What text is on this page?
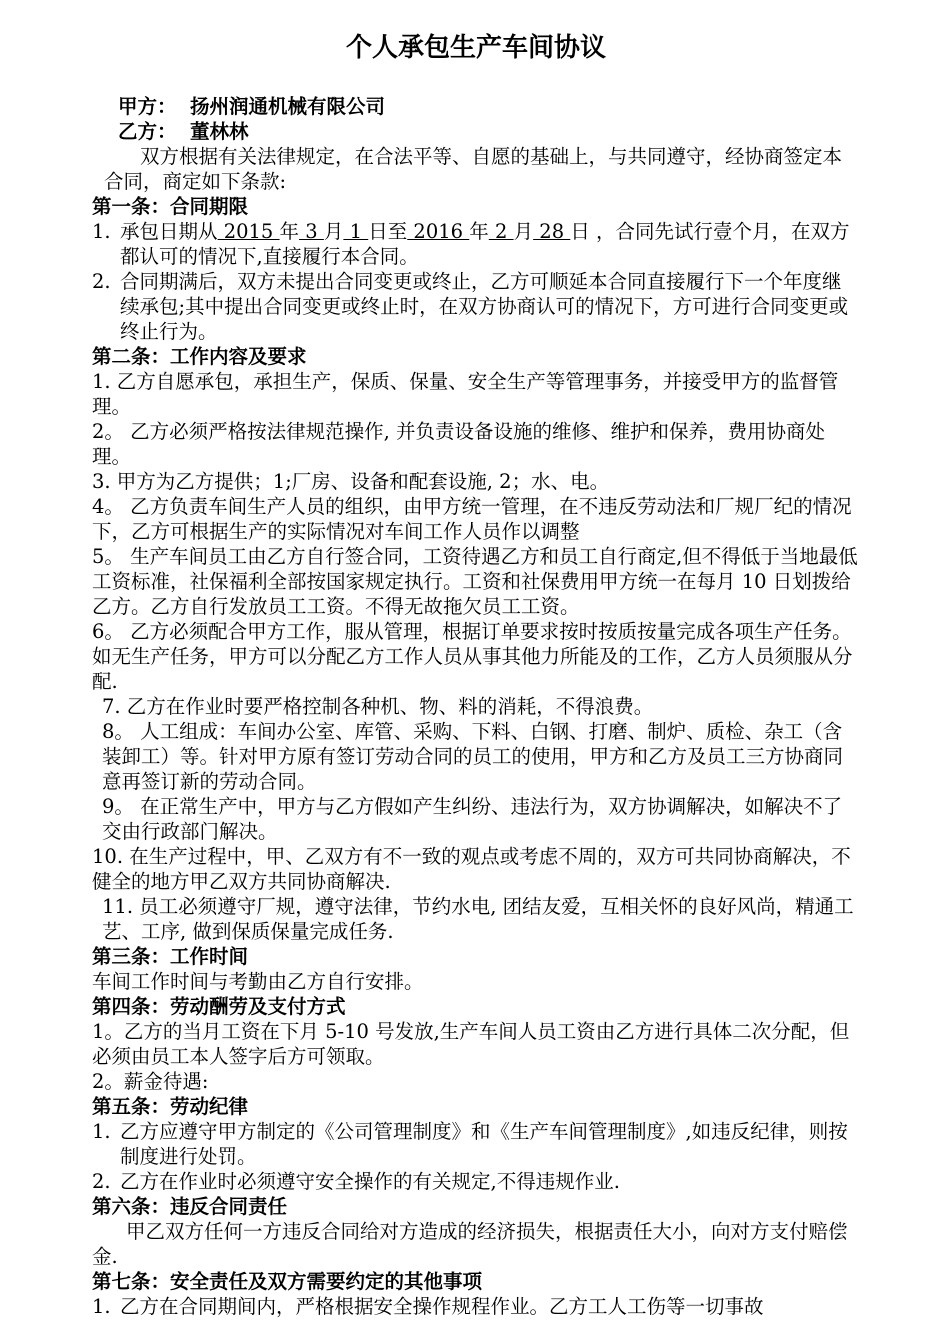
个人承包生产车间协议
甲方： 扬州润通机械有限公司
乙方： 董林林

双方根据有关法律规定，在合法平等、自愿的基础上，与共同遵守，经协商签定本合同，商定如下条款:

第一条：合同期限
1. 承包日期从 2015 年 3 月 1 日至 2016 年 2 月 28 日 ，合同先试行壹个月，在双方都认可的情况下,直接履行本合同。
2. 合同期满后，双方未提出合同变更或终止，乙方可顺延本合同直接履行下一个年度继续承包;其中提出合同变更或终止时，在双方协商认可的情况下，方可进行合同变更或终止行为。
第二条：工作内容及要求

1. 乙方自愿承包，承担生产，保质、保量、安全生产等管理事务，并接受甲方的监督管理。

2。 乙方必须严格按法律规范操作, 并负责设备设施的维修、维护和保养，费用协商处理。

3. 甲方为乙方提供；1;厂房、设备和配套设施, 2；水、电。

4。 乙方负责车间生产人员的组织，由甲方统一管理，在不违反劳动法和厂规厂纪的情况下，乙方可根据生产的实际情况对车间工作人员作以调整

5。 生产车间员工由乙方自行签合同，工资待遇乙方和员工自行商定,但不得低于当地最低工资标准，社保福利全部按国家规定执行。工资和社保费用甲方统一在每月 10 日划拨给乙方。乙方自行发放员工工资。不得无故拖欠员工工资。

6。 乙方必须配合甲方工作，服从管理，根据订单要求按时按质按量完成各项生产任务。如无生产任务，甲方可以分配乙方工作人员从事其他力所能及的工作，乙方人员须服从分配.

7. 乙方在作业时要严格控制各种机、物、料的消耗，不得浪费。

8。 人工组成：车间办公室、库管、采购、下料、白钢、打磨、制炉、质检、杂工（含装卸工）等。针对甲方原有签订劳动合同的员工的使用，甲方和乙方及员工三方协商同意再签订新的劳动合同。

9。 在正常生产中，甲方与乙方假如产生纠纷、违法行为，双方协调解决，如解决不了交由行政部门解决。

10. 在生产过程中，甲、乙双方有不一致的观点或考虑不周的，双方可共同协商解决，不健全的地方甲乙双方共同协商解决.

11. 员工必须遵守厂规，遵守法律，节约水电, 团结友爱，互相关怀的良好风尚，精通工艺、工序, 做到保质保量完成任务.

第三条：工作时间

车间工作时间与考勤由乙方自行安排。

第四条：劳动酬劳及支付方式

1。乙方的当月工资在下月 5-10 号发放,生产车间人员工资由乙方进行具体二次分配，但必须由员工本人签字后方可领取。

2。薪金待遇:

第五条：劳动纪律
1. 乙方应遵守甲方制定的《公司管理制度》和《生产车间管理制度》,如违反纪律，则按制度进行处罚。
2. 乙方在作业时必须遵守安全操作的有关规定,不得违规作业.
第六条：违反合同责任

甲乙双方任何一方违反合同给对方造成的经济损失，根据责任大小，向对方支付赔偿金.

第七条：安全责任及双方需要约定的其他事项
1. 乙方在合同期间内，严格根据安全操作规程作业。乙方工人工伤等一切事故
